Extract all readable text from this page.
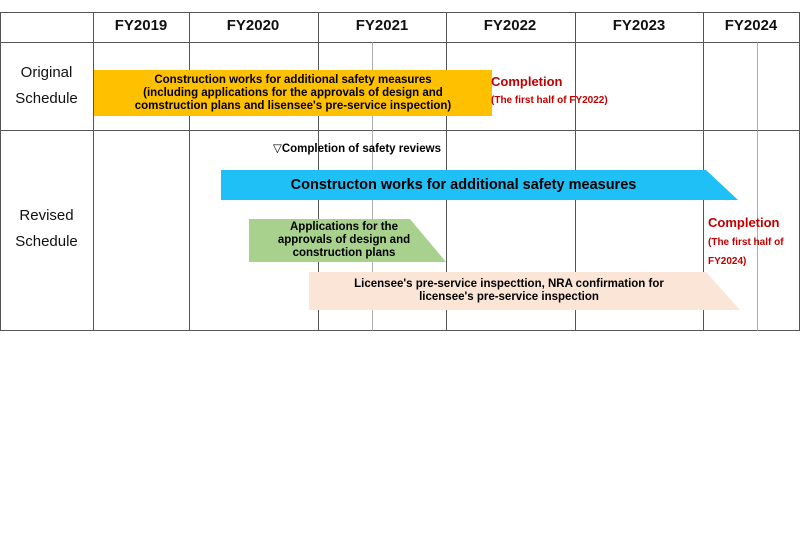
FY2019	FY2020	FY2021	FY2022	FY2023	FY2024
Original
Schedule
Revised
Schedule
Construction works for additional safety measures
(including applications for the approvals of design and
comstruction plans and lisensee's pre-service inspection)
Completion
(The first half of FY2022)
▽Completion of safety reviews
Constructon works for additional safety measures
Applications for the
approvals of design and
construction plans
Licensee's pre-service inspecttion, NRA confirmation for
licensee's pre-service inspection
Completion
(The first half of
FY2024)
